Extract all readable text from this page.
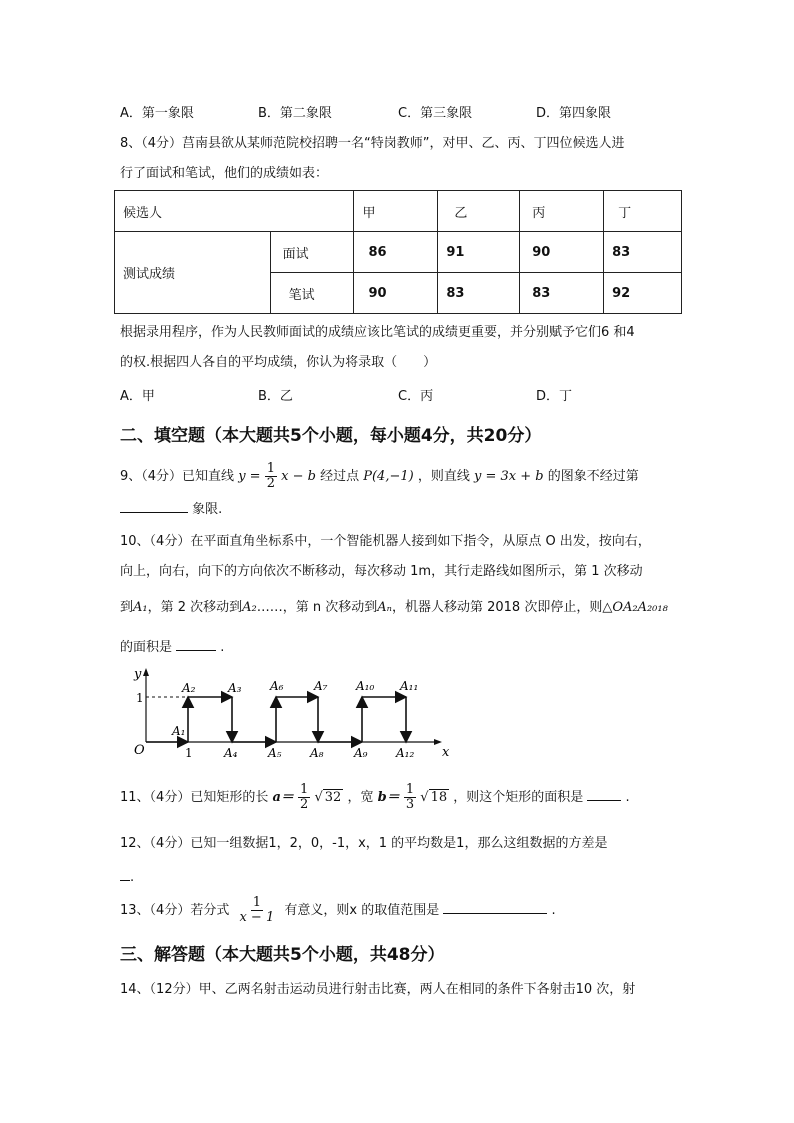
A．第一象限	B．第二象限	C．第三象限	D．第四象限
8、（4分）莒南县欲从某师范院校招聘一名“特岗教师”，对甲、乙、丙、丁四位候选人进
行了面试和笔试，他们的成绩如表：
候选人		甲	乙	丙	丁
测试成绩	面试	86	91	90	83
	笔试	90	83	83	92
根据录用程序，作为人民教师面试的成绩应该比笔试的成绩更重要，并分别赋予它们6 和4
的权.根据四人各自的平均成绩，你认为将录取（　　）
A．甲	B．乙	C．丙	D．丁
二、填空题（本大题共5个小题，每小题4分，共20分）
9、（4分）已知直线 $y = \frac{1}{2}$ x − b 经过点 P(4,−1) ，则直线 y = 3x + b 的图象不经过第
象限.
10、（4分）在平面直角坐标系中，一个智能机器人接到如下指令，从原点 O 出发，按向右，
向上，向右，向下的方向依次不断移动，每次移动 1m，其行走路线如图所示，第 1 次移动
到A₁，第 2 次移动到A₂……，第 n 次移动到Aₙ，机器人移动第 2018 次即停止，则△OA₂A₂₀₁₈
的面积是	.
y
x
O
1
1
A₁
A₂	A₃ A₆	A₇ A₁₀ A₁₁
A₄	A₅ A₈	A₉ A₁₂
11、（4分）已知矩形的长 $a= \frac{1}{2}$ √ 32 ，宽 $b= \frac{1}{3}$ √ 18 ，则这个矩形的面积是	.
12、（4分）已知一组数据1，2，0，-1，x，1 的平均数是1，那么这组数据的方差是
.
13、（4分）若分式 $\frac{1}{x - 1}$ 有意义，则x 的取值范围是	.
三、解答题（本大题共5个小题，共48分）
14、（12分）甲、乙两名射击运动员进行射击比赛，两人在相同的条件下各射击10 次，射
